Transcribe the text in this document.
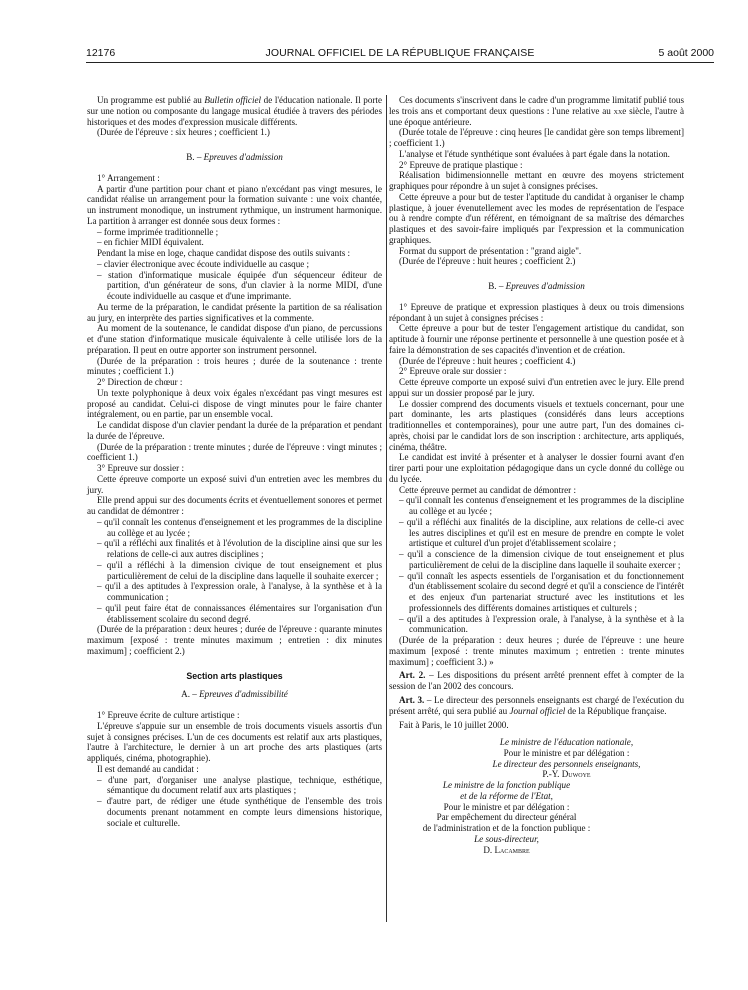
12176	JOURNAL OFFICIEL DE LA RÉPUBLIQUE FRANÇAISE	5 août 2000

Un programme est publié au Bulletin officiel de l'éducation nationale. Il porte sur une notion ou composante du langage musical étudiée à travers des périodes historiques et des modes d'expression musicale différents.

(Durée de l'épreuve : six heures ; coefficient 1.)

B. – Epreuves d'admission

1° Arrangement :

A partir d'une partition pour chant et piano n'excédant pas vingt mesures, le candidat réalise un arrangement pour la formation suivante : une voix chantée, un instrument monodique, un instrument rythmique, un instrument harmonique. La partition à arranger est donnée sous deux formes :

– forme imprimée traditionnelle ;
– en fichier MIDI équivalent.

Pendant la mise en loge, chaque candidat dispose des outils suivants :

– clavier électronique avec écoute individuelle au casque ;
– station d'informatique musicale équipée d'un séquenceur éditeur de partition, d'un générateur de sons, d'un clavier à la norme MIDI, d'une écoute individuelle au casque et d'une imprimante.

Au terme de la préparation, le candidat présente la partition de sa réalisation au jury, en interprète des parties significatives et la commente.

Au moment de la soutenance, le candidat dispose d'un piano, de percussions et d'une station d'informatique musicale équivalente à celle utilisée lors de la préparation. Il peut en outre apporter son instrument personnel.

(Durée de la préparation : trois heures ; durée de la soutenance : trente minutes ; coefficient 1.)

2° Direction de chœur :

Un texte polyphonique à deux voix égales n'excédant pas vingt mesures est proposé au candidat. Celui-ci dispose de vingt minutes pour le faire chanter intégralement, ou en partie, par un ensemble vocal.

Le candidat dispose d'un clavier pendant la durée de la préparation et pendant la durée de l'épreuve.

(Durée de la préparation : trente minutes ; durée de l'épreuve : vingt minutes ; coefficient 1.)

3° Epreuve sur dossier :

Cette épreuve comporte un exposé suivi d'un entretien avec les membres du jury.

Elle prend appui sur des documents écrits et éventuellement sonores et permet au candidat de démontrer :

– qu'il connaît les contenus d'enseignement et les programmes de la discipline au collège et au lycée ;
– qu'il a réfléchi aux finalités et à l'évolution de la discipline ainsi que sur les relations de celle-ci aux autres disciplines ;
– qu'il a réfléchi à la dimension civique de tout enseignement et plus particulièrement de celui de la discipline dans laquelle il souhaite exercer ;
– qu'il a des aptitudes à l'expression orale, à l'analyse, à la synthèse et à la communication ;
– qu'il peut faire état de connaissances élémentaires sur l'organisation d'un établissement scolaire du second degré.

(Durée de la préparation : deux heures ; durée de l'épreuve : quarante minutes maximum [exposé : trente minutes maximum ; entretien : dix minutes maximum] ; coefficient 2.)

Section arts plastiques

A. – Epreuves d'admissibilité

1° Epreuve écrite de culture artistique :

L'épreuve s'appuie sur un ensemble de trois documents visuels assortis d'un sujet à consignes précises. L'un de ces documents est relatif aux arts plastiques, l'autre à l'architecture, le dernier à un art proche des arts plastiques (arts appliqués, cinéma, photographie).

Il est demandé au candidat :

– d'une part, d'organiser une analyse plastique, technique, esthétique, sémantique du document relatif aux arts plastiques ;
– d'autre part, de rédiger une étude synthétique de l'ensemble des trois documents prenant notamment en compte leurs dimensions historique, sociale et culturelle.

Ces documents s'inscrivent dans le cadre d'un programme limitatif publié tous les trois ans et comportant deux questions : l'une relative au xxe siècle, l'autre à une époque antérieure.

(Durée totale de l'épreuve : cinq heures [le candidat gère son temps librement] ; coefficient 1.)

L'analyse et l'étude synthétique sont évaluées à part égale dans la notation.

2° Epreuve de pratique plastique :

Réalisation bidimensionnelle mettant en œuvre des moyens strictement graphiques pour répondre à un sujet à consignes précises.

Cette épreuve a pour but de tester l'aptitude du candidat à organiser le champ plastique, à jouer évenutellement avec les modes de représentation de l'espace ou à rendre compte d'un référent, en témoignant de sa maîtrise des démarches plastiques et des savoir-faire impliqués par l'expression et la communication graphiques.

Format du support de présentation : "grand aigle".

(Durée de l'épreuve : huit heures ; coefficient 2.)

B. – Epreuves d'admission

1° Epreuve de pratique et expression plastiques à deux ou trois dimensions répondant à un sujet à consignes précises :

Cette épreuve a pour but de tester l'engagement artistique du candidat, son aptitude à fournir une réponse pertinente et personnelle à une question posée et à faire la démonstration de ses capacités d'invention et de création.

(Durée de l'épreuve : huit heures ; coefficient 4.)

2° Epreuve orale sur dossier :

Cette épreuve comporte un exposé suivi d'un entretien avec le jury. Elle prend appui sur un dossier proposé par le jury.

Le dossier comprend des documents visuels et textuels concernant, pour une part dominante, les arts plastiques (considérés dans leurs acceptions traditionnelles et contemporaines), pour une autre part, l'un des domaines ci-après, choisi par le candidat lors de son inscription : architecture, arts appliqués, cinéma, théâtre.

Le candidat est invité à présenter et à analyser le dossier fourni avant d'en tirer parti pour une exploitation pédagogique dans un cycle donné du collège ou du lycée.

Cette épreuve permet au candidat de démontrer :

– qu'il connaît les contenus d'enseignement et les programmes de la discipline au collège et au lycée ;
– qu'il a réfléchi aux finalités de la discipline, aux relations de celle-ci avec les autres disciplines et qu'il est en mesure de prendre en compte le volet artistique et culturel d'un projet d'établissement scolaire ;
– qu'il a conscience de la dimension civique de tout enseignement et plus particulièrement de celui de la discipline dans laquelle il souhaite exercer ;
– qu'il connaît les aspects essentiels de l'organisation et du fonctionnement d'un établissement scolaire du second degré et qu'il a conscience de l'intérêt et des enjeux d'un partenariat structuré avec les institutions et les professionnels des différents domaines artistiques et culturels ;
– qu'il a des aptitudes à l'expression orale, à l'analyse, à la synthèse et à la communication.

(Durée de la préparation : deux heures ; durée de l'épreuve : une heure maximum [exposé : trente minutes maximum ; entretien : trente minutes maximum] ; coefficient 3.) »

Art. 2. – Les dispositions du présent arrêté prennent effet à compter de la session de l'an 2002 des concours.

Art. 3. – Le directeur des personnels enseignants est chargé de l'exécution du présent arrêté, qui sera publié au Journal officiel de la République française.

Fait à Paris, le 10 juillet 2000.

Le ministre de l'éducation nationale,

Pour le ministre et par délégation :

Le directeur des personnels enseignants,

P.-Y. Duwoye

Le ministre de la fonction publique

et de la réforme de l'Etat,

Pour le ministre et par délégation :

Par empêchement du directeur général

de l'administration et de la fonction publique :

Le sous-directeur,

D. Lacambre
